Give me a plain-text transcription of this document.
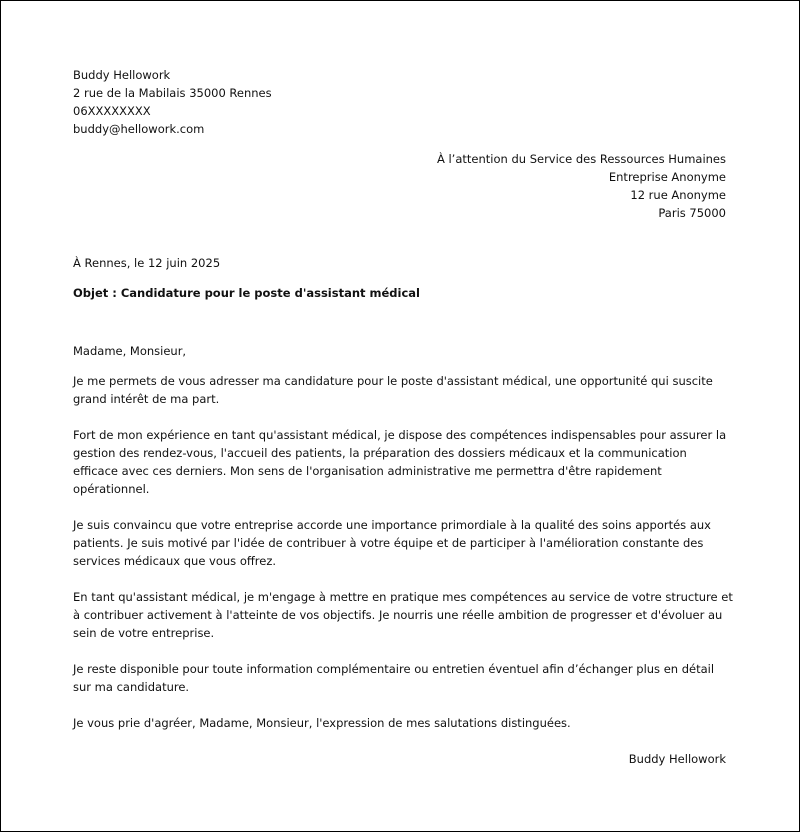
Buddy Hellowork
2 rue de la Mabilais 35000 Rennes
06XXXXXXXX
buddy@hellowork.com
À l’attention du Service des Ressources Humaines
Entreprise Anonyme
12 rue Anonyme
Paris 75000
À Rennes, le 12 juin 2025
Objet : Candidature pour le poste d'assistant médical

Madame, Monsieur,

Je me permets de vous adresser ma candidature pour le poste d'assistant médical, une opportunité qui suscite grand intérêt de ma part.

Fort de mon expérience en tant qu'assistant médical, je dispose des compétences indispensables pour assurer la gestion des rendez-vous, l'accueil des patients, la préparation des dossiers médicaux et la communication efficace avec ces derniers. Mon sens de l'organisation administrative me permettra d'être rapidement opérationnel.

Je suis convaincu que votre entreprise accorde une importance primordiale à la qualité des soins apportés aux patients. Je suis motivé par l'idée de contribuer à votre équipe et de participer à l'amélioration constante des services médicaux que vous offrez.

En tant qu'assistant médical, je m'engage à mettre en pratique mes compétences au service de votre structure et à contribuer activement à l'atteinte de vos objectifs. Je nourris une réelle ambition de progresser et d'évoluer au sein de votre entreprise.

Je reste disponible pour toute information complémentaire ou entretien éventuel afin d’échanger plus en détail sur ma candidature.

Je vous prie d'agréer, Madame, Monsieur, l'expression de mes salutations distinguées.

Buddy Hellowork
